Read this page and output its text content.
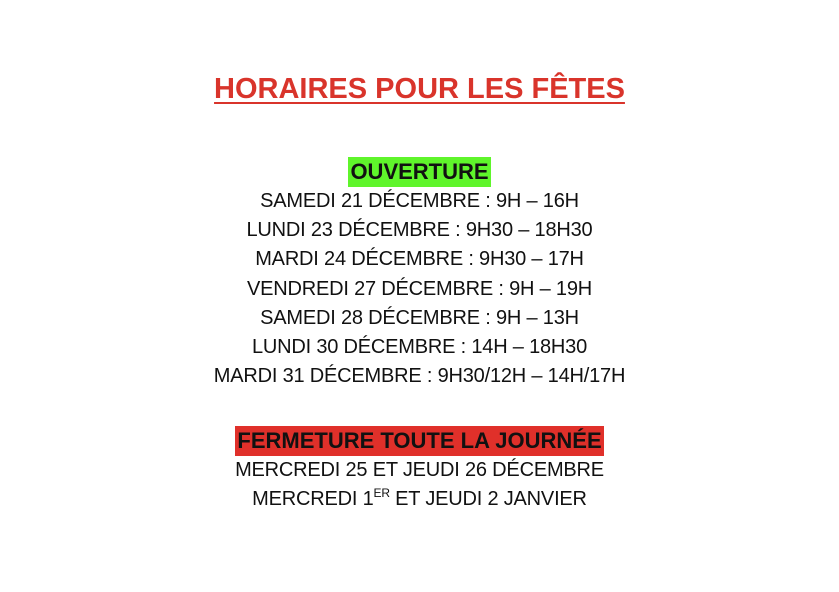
HORAIRES POUR LES FÊTES
OUVERTURE
SAMEDI 21 DÉCEMBRE : 9H – 16H
LUNDI 23 DÉCEMBRE : 9H30 – 18H30
MARDI 24 DÉCEMBRE : 9H30 – 17H
VENDREDI 27 DÉCEMBRE : 9H – 19H
SAMEDI 28 DÉCEMBRE : 9H – 13H
LUNDI 30 DÉCEMBRE : 14H – 18H30
MARDI 31 DÉCEMBRE : 9H30/12H – 14H/17H
FERMETURE TOUTE LA JOURNÉE
MERCREDI 25 ET JEUDI 26 DÉCEMBRE
MERCREDI 1ER ET JEUDI 2 JANVIER
